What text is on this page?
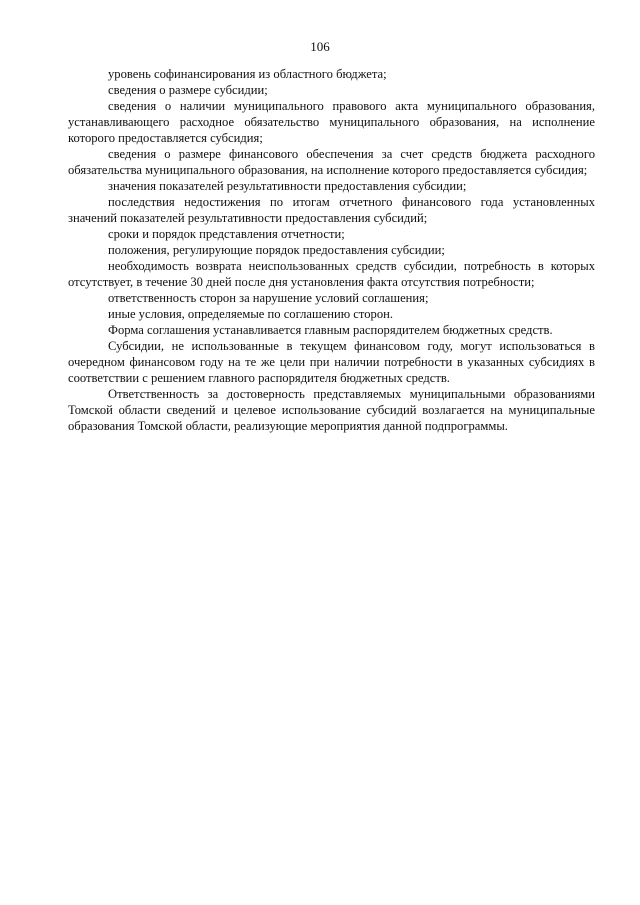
106

уровень софинансирования из областного бюджета;

сведения о размере субсидии;

сведения о наличии муниципального правового акта муниципального образования, устанавливающего расходное обязательство муниципального образования, на исполнение которого предоставляется субсидия;

сведения о размере финансового обеспечения за счет средств бюджета расходного обязательства муниципального образования, на исполнение которого предоставляется субсидия;

значения показателей результативности предоставления субсидии;

последствия недостижения по итогам отчетного финансового года установленных значений показателей результативности предоставления субсидий;

сроки и порядок представления отчетности;

положения, регулирующие порядок предоставления субсидии;

необходимость возврата неиспользованных средств субсидии, потребность в которых отсутствует, в течение 30 дней после дня установления факта отсутствия потребности;

ответственность сторон за нарушение условий соглашения;

иные условия, определяемые по соглашению сторон.

Форма соглашения устанавливается главным распорядителем бюджетных средств.

Субсидии, не использованные в текущем финансовом году, могут использоваться в очередном финансовом году на те же цели при наличии потребности в указанных субсидиях в соответствии с решением главного распорядителя бюджетных средств.

Ответственность за достоверность представляемых муниципальными образованиями Томской области сведений и целевое использование субсидий возлагается на муниципальные образования Томской области, реализующие мероприятия данной подпрограммы.
